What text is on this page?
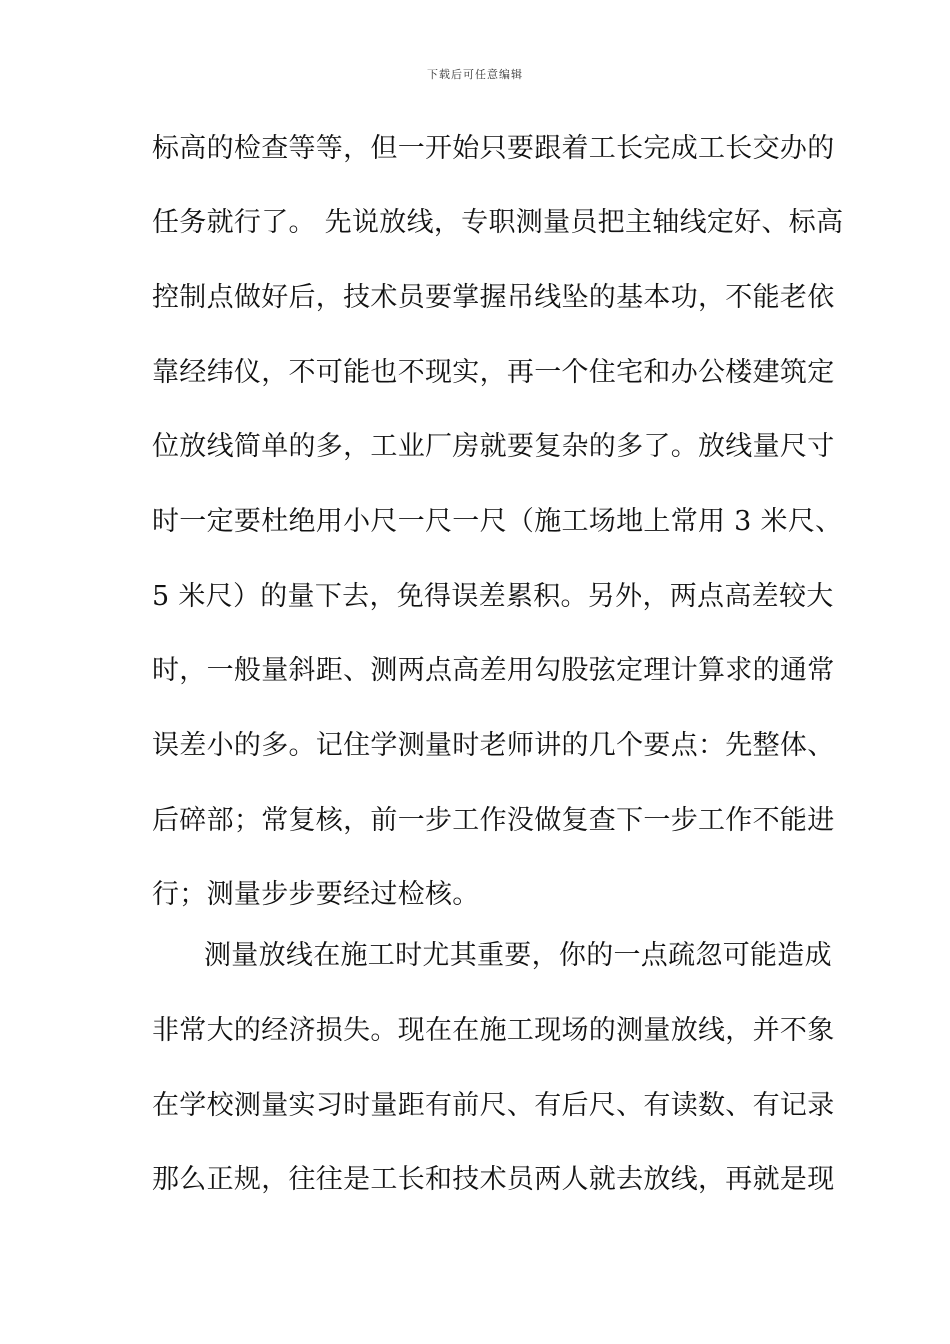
下载后可任意编辑
标高的检查等等，但一开始只要跟着工长完成工长交办的
任务就行了。 先说放线，专职测量员把主轴线定好、标高
控制点做好后，技术员要掌握吊线坠的基本功，不能老依
靠经纬仪，不可能也不现实，再一个住宅和办公楼建筑定
位放线简单的多，工业厂房就要复杂的多了。放线量尺寸
时一定要杜绝用小尺一尺一尺（施工场地上常用 3 米尺、
5 米尺）的量下去，免得误差累积。另外，两点高差较大
时，一般量斜距、测两点高差用勾股弦定理计算求的通常
误差小的多。记住学测量时老师讲的几个要点：先整体、
后碎部；常复核，前一步工作没做复查下一步工作不能进
行；测量步步要经过检核。
测量放线在施工时尤其重要，你的一点疏忽可能造成
非常大的经济损失。现在在施工现场的测量放线，并不象
在学校测量实习时量距有前尺、有后尺、有读数、有记录
那么正规，往往是工长和技术员两人就去放线，再就是现
